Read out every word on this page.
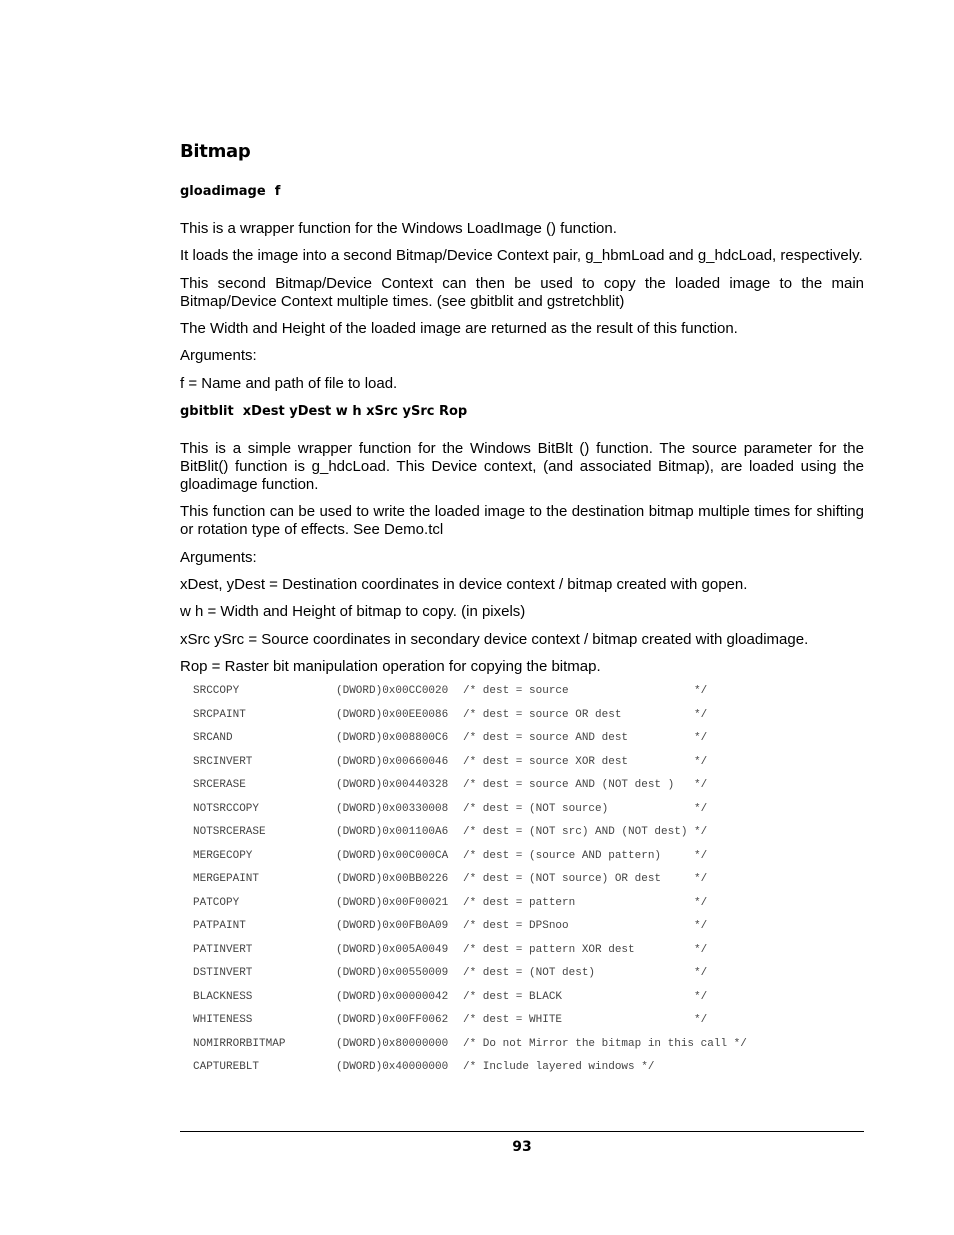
Bitmap
gloadimage  f

This is a wrapper function for the Windows LoadImage () function.

It loads the image into a second Bitmap/Device Context pair, g_hbmLoad and g_hdcLoad, respectively.

This second Bitmap/Device Context can then be used to copy the loaded image to the main Bitmap/Device Context multiple times. (see gbitblit and gstretchblit)

The Width and Height of the loaded image are returned as the result of this function.

Arguments:

f = Name and path of file to load.

gbitblit  xDest yDest w h xSrc ySrc Rop

This is a simple wrapper function for the Windows BitBlt () function. The source parameter for the BitBlit() function is g_hdcLoad. This Device context, (and associated Bitmap), are loaded using the gloadimage function.

This function can be used to write the loaded image to the destination bitmap multiple times for shifting or rotation type of effects. See Demo.tcl

Arguments:

xDest, yDest = Destination coordinates in device context / bitmap created with gopen.

w h = Width and Height of bitmap to copy. (in pixels)

xSrc ySrc = Source coordinates in secondary device context / bitmap created with gloadimage.

Rop = Raster bit manipulation operation for copying the bitmap.

SRCCOPY	(DWORD)0x00CC0020 /* dest = source                   */
SRCPAINT	(DWORD)0x00EE0086 /* dest = source OR dest           */
SRCAND	(DWORD)0x008800C6 /* dest = source AND dest          */
SRCINVERT	(DWORD)0x00660046 /* dest = source XOR dest          */
SRCERASE	(DWORD)0x00440328 /* dest = source AND (NOT dest )   */
NOTSRCCOPY	(DWORD)0x00330008 /* dest = (NOT source)             */
NOTSRCERASE	(DWORD)0x001100A6 /* dest = (NOT src) AND (NOT dest) */
MERGECOPY	(DWORD)0x00C000CA /* dest = (source AND pattern)     */
MERGEPAINT	(DWORD)0x00BB0226 /* dest = (NOT source) OR dest     */
PATCOPY	(DWORD)0x00F00021 /* dest = pattern                  */
PATPAINT	(DWORD)0x00FB0A09 /* dest = DPSnoo                   */
PATINVERT	(DWORD)0x005A0049 /* dest = pattern XOR dest         */
DSTINVERT	(DWORD)0x00550009 /* dest = (NOT dest)               */
BLACKNESS	(DWORD)0x00000042 /* dest = BLACK                    */
WHITENESS	(DWORD)0x00FF0062 /* dest = WHITE                    */
NOMIRRORBITMAP	(DWORD)0x80000000 /* Do not Mirror the bitmap in this call */
CAPTUREBLT	(DWORD)0x40000000 /* Include layered windows */
93
